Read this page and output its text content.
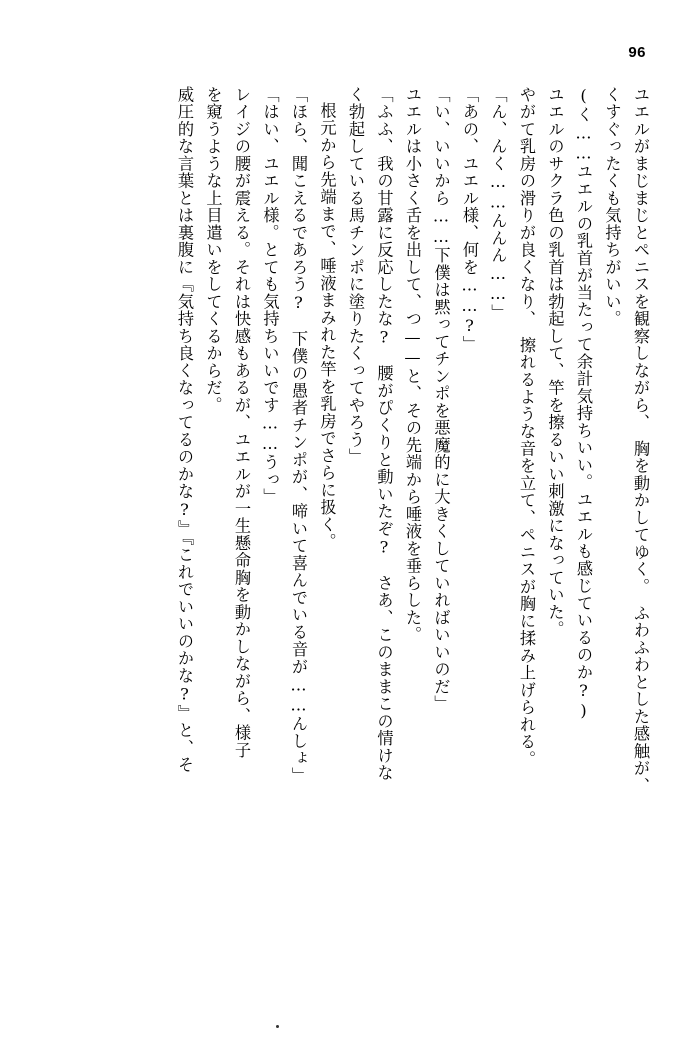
96
ユエルがまじまじとペニスを観察しながら、　胸を動かしてゆく。　ふわふわとした感触が、
くすぐったくも気持ちがいい。
(く……ユエルの乳首が当たって余計気持ちいい。ユエルも感じているのか?)
ユエルのサクラ色の乳首は勃起して、竿を擦るいい刺激になっていた。
やがて乳房の滑りが良くなり、　擦れるような音を立て、ペニスが胸に揉み上げられる。
「ん、んく……んんん……」
「あの、ユエル様、何を……?」
「い、いいから……下僕は黙ってチンポを悪魔的に大きくしていればいいのだ」
ユエルは小さく舌を出して、つ——と、その先端から唾液を垂らした。
「ふふ、我の甘露に反応したな?　腰がぴくりと動いたぞ?　さあ、このままこの情けな
く勃起している馬チンポに塗りたくってやろう」
根元から先端まで、唾液まみれた竿を乳房でさらに扱く。
「ほら、聞こえるであろう?　下僕の愚者チンポが、啼いて喜んでいる音が……んしょ」
「はい、ユエル様。とても気持ちいいです……うっ」
レイジの腰が震える。それは快感もあるが、ユエルが一生懸命胸を動かしながら、様子
を窺うような上目遣いをしてくるからだ。
威圧的な言葉とは裏腹に『気持ち良くなってるのかな?』『これでいいのかな?』と、そ
